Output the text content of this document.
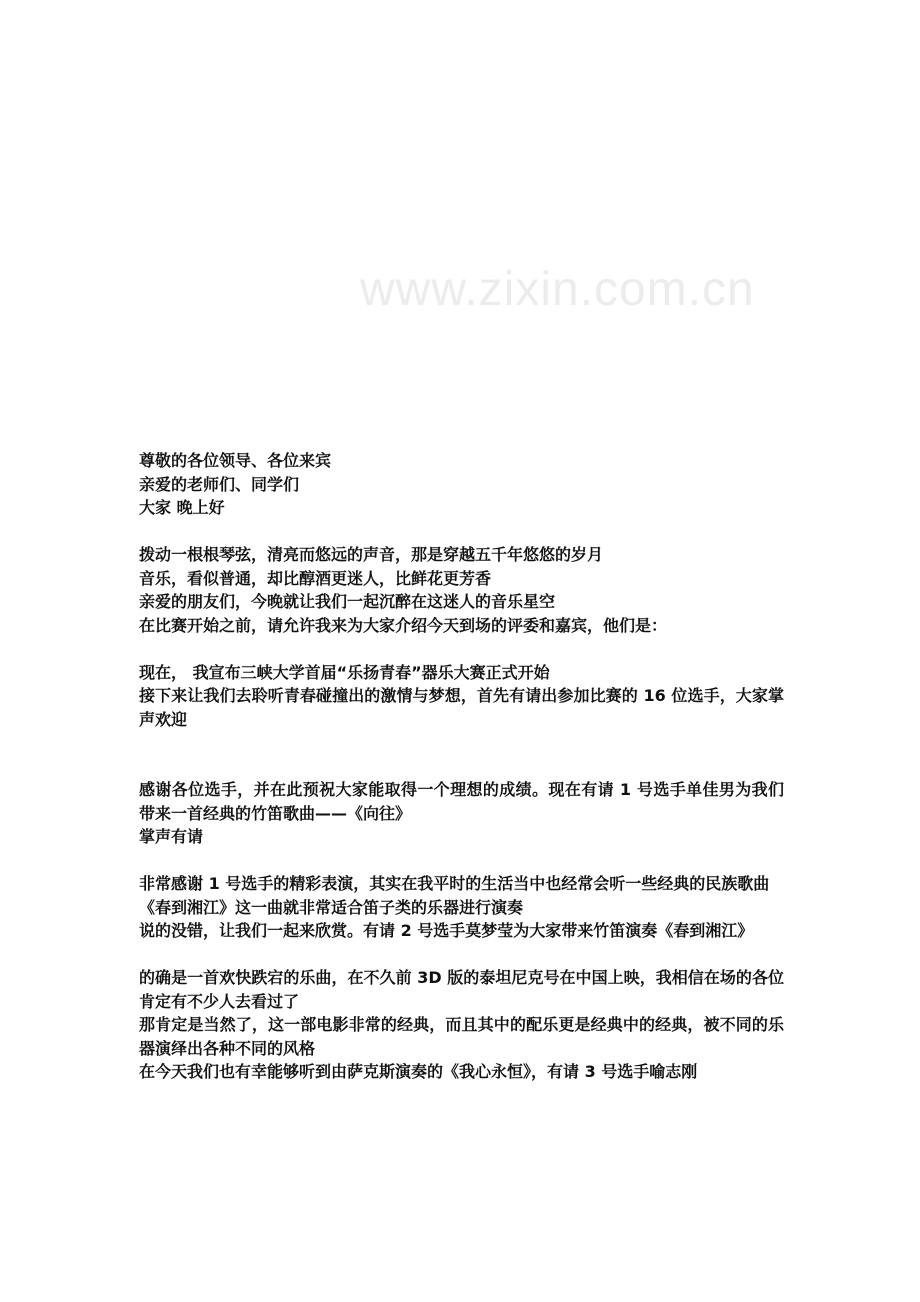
www.zixin.com.cn
尊敬的各位领导、各位来宾
亲爱的老师们、同学们
大家 晚上好
拨动一根根琴弦，清亮而悠远的声音，那是穿越五千年悠悠的岁月
音乐，看似普通，却比醇酒更迷人，比鲜花更芳香
亲爱的朋友们，今晚就让我们一起沉醉在这迷人的音乐星空
在比赛开始之前，请允许我来为大家介绍今天到场的评委和嘉宾，他们是：
现在， 我宣布三峡大学首届“乐扬青春”器乐大赛正式开始
接下来让我们去聆听青春碰撞出的激情与梦想，首先有请出参加比赛的 16 位选手，大家掌声欢迎
感谢各位选手，并在此预祝大家能取得一个理想的成绩。现在有请 1 号选手单佳男为我们带来一首经典的竹笛歌曲——《向往》
掌声有请
非常感谢 1 号选手的精彩表演，其实在我平时的生活当中也经常会听一些经典的民族歌曲
《春到湘江》这一曲就非常适合笛子类的乐器进行演奏
说的没错，让我们一起来欣赏。有请 2 号选手莫梦莹为大家带来竹笛演奏《春到湘江》
的确是一首欢快跌宕的乐曲，在不久前 3D 版的泰坦尼克号在中国上映，我相信在场的各位肯定有不少人去看过了
那肯定是当然了，这一部电影非常的经典，而且其中的配乐更是经典中的经典，被不同的乐器演绎出各种不同的风格
在今天我们也有幸能够听到由萨克斯演奏的《我心永恒》，有请 3 号选手喻志刚
